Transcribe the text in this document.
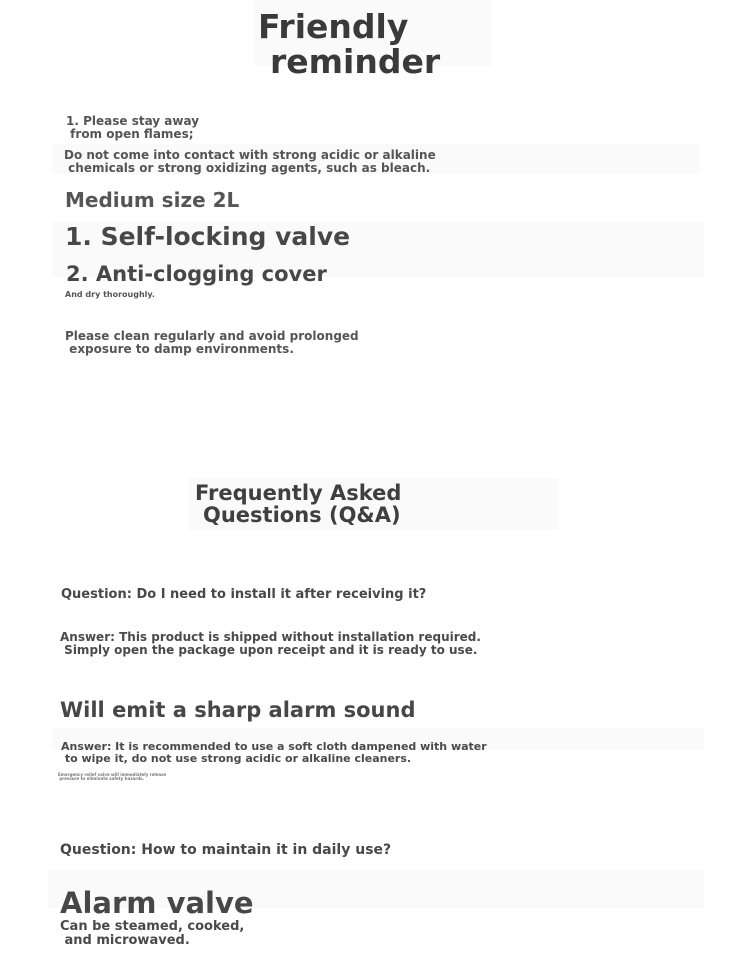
Friendly
reminder

1. Please stay away
from open flames;

Do not come into contact with strong acidic or alkaline
chemicals or strong oxidizing agents, such as bleach.

Medium size 2L

1. Self-locking valve

2. Anti-clogging cover

And dry thoroughly.

Please clean regularly and avoid prolonged
exposure to damp environments.

Frequently Asked
Questions (Q&A)

Question: Do I need to install it after receiving it?

Answer: This product is shipped without installation required.
Simply open the package upon receipt and it is ready to use.

Will emit a sharp alarm sound

Answer: It is recommended to use a soft cloth dampened with water
to wipe it, do not use strong acidic or alkaline cleaners.

Emergency relief valve will immediately release
pressure to eliminate safety hazards.

Question: How to maintain it in daily use?

Alarm valve

Can be steamed, cooked,
and microwaved.
